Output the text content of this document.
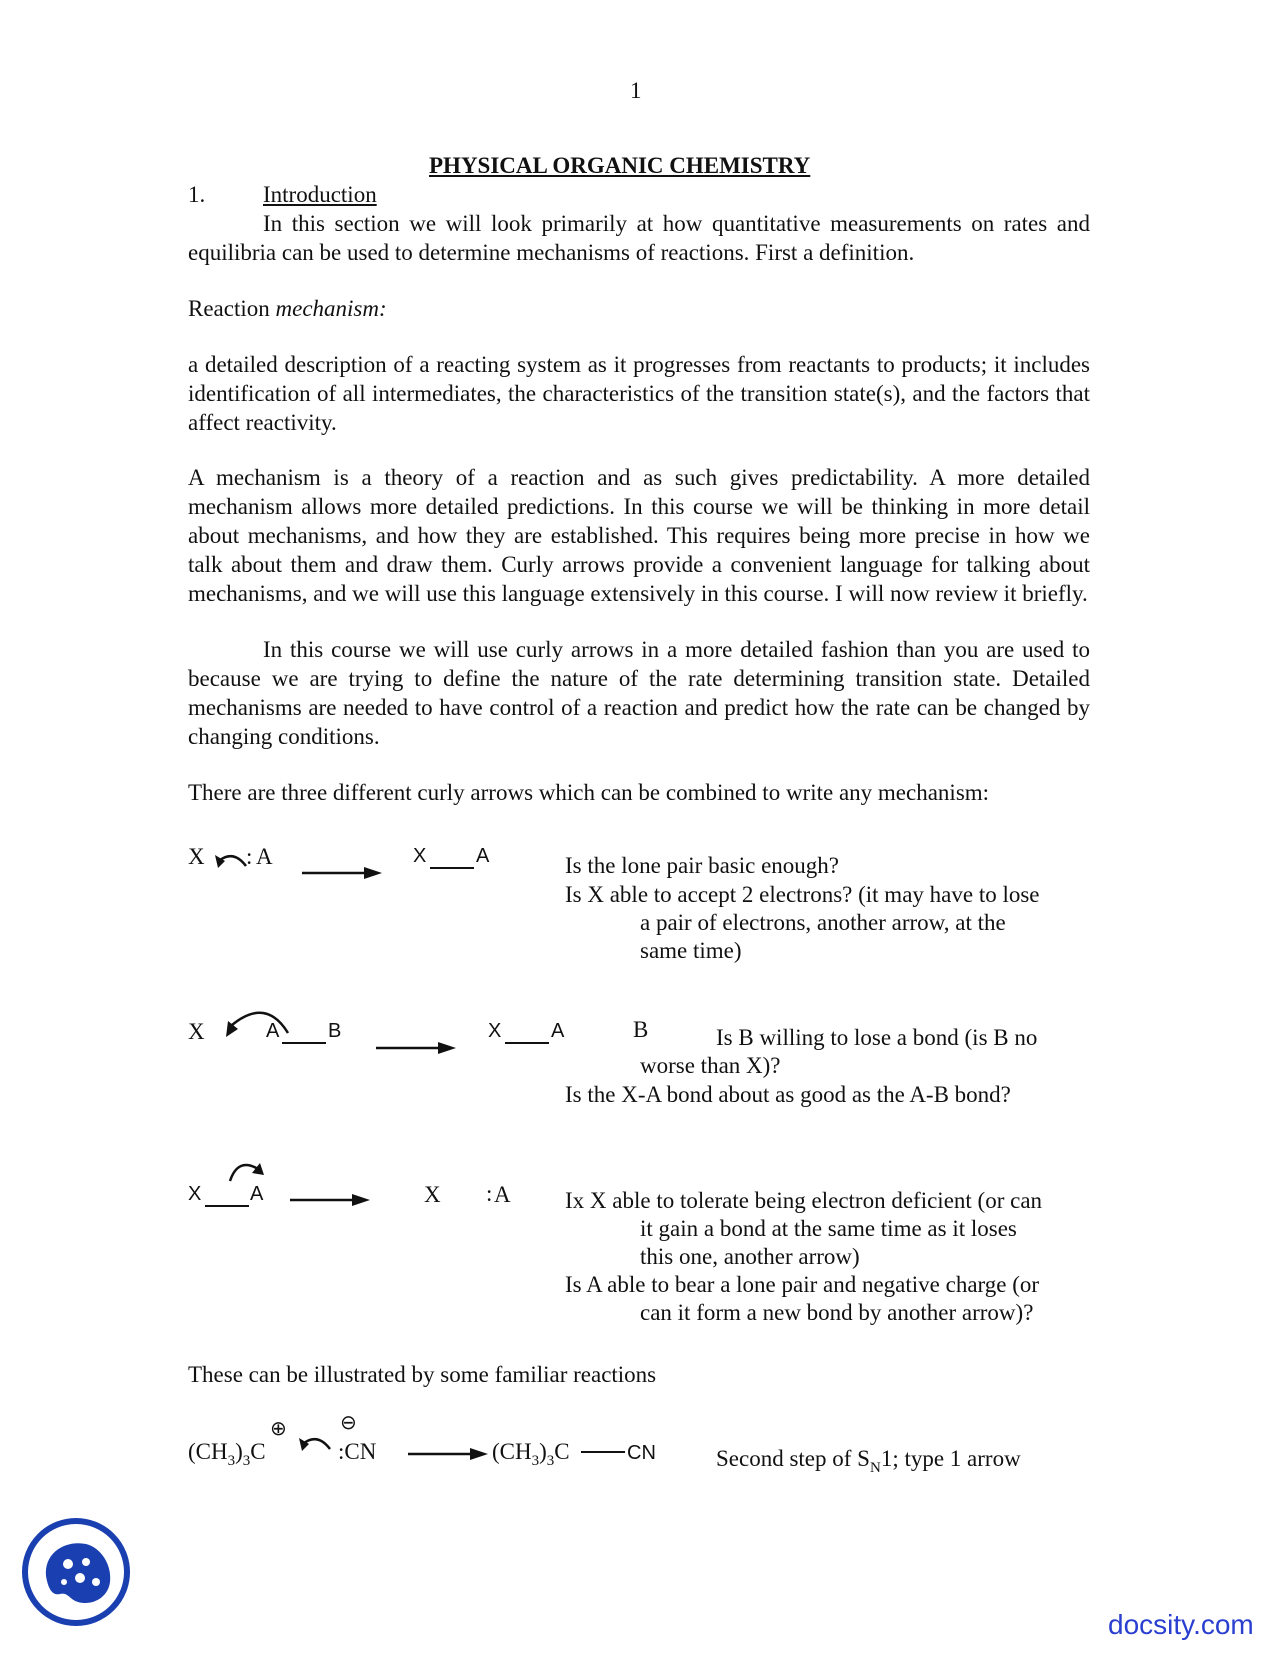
1
PHYSICAL ORGANIC CHEMISTRY
1.	Introduction
In this section we will look primarily at how quantitative measurements on rates and equilibria can be used to determine mechanisms of reactions. First a definition.
Reaction mechanism:
a detailed description of a reacting system as it progresses from reactants to products; it includes identification of all intermediates, the characteristics of the transition state(s), and the factors that affect reactivity.
A mechanism is a theory of a reaction and as such gives predictability. A more detailed mechanism allows more detailed predictions. In this course we will be thinking in more detail about mechanisms, and how they are established. This requires being more precise in how we talk about them and draw them. Curly arrows provide a convenient language for talking about mechanisms, and we will use this language extensively in this course. I will now review it briefly.
In this course we will use curly arrows in a more detailed fashion than you are used to because we are trying to define the nature of the rate determining transition state. Detailed mechanisms are needed to have control of a reaction and predict how the rate can be changed by changing conditions.
There are three different curly arrows which can be combined to write any mechanism:
X : A	X A	Is the lone pair basic enough?
Is X able to accept 2 electrons? (it may have to lose
a pair of electrons, another arrow, at the
same time)
X	A B	X A	B	Is B willing to lose a bond (is B no
worse than X)?
Is the X-A bond about as good as the A-B bond?
X A → X : A Ix X able to tolerate being electron deficient (or can
it gain a bond at the same time as it loses
this one, another arrow)
Is A able to bear a lone pair and negative charge (or
can it form a new bond by another arrow)?
These can be illustrated by some familiar reactions
$(CH_3)_3C$
⊕	⊖
:CN → $(CH_3)_3C$	CN	Second step of $S_N1$; type 1 arrow
docsity.com
